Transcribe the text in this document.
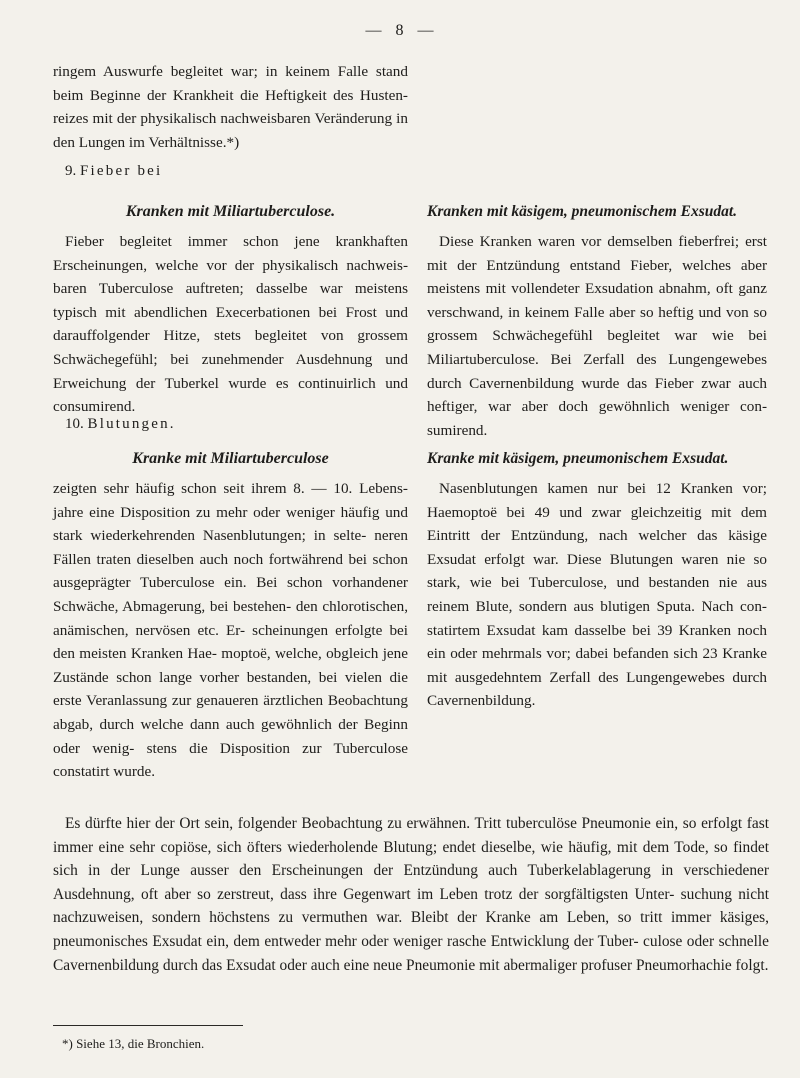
— 8 —

ringem Auswurfe begleitet war; in keinem Falle stand beim Beginne der Krankheit die Heftigkeit des Husten- reizes mit der physikalisch nachweisbaren Veränderung in den Lungen im Verhältnisse.*)

9. Fieber bei
Kranken mit Miliartuberculose.

Fieber begleitet immer schon jene krankhaften Erscheinungen, welche vor der physikalisch nachweis- baren Tuberculose auftreten; dasselbe war meistens typisch mit abendlichen Execerbationen bei Frost und darauffolgender Hitze, stets begleitet von grossem Schwächegefühl; bei zunehmender Ausdehnung und Erweichung der Tuberkel wurde es continuirlich und consumirend.

Kranken mit käsigem, pneumonischem Exsudat.

Diese Kranken waren vor demselben fieberfrei; erst mit der Entzündung entstand Fieber, welches aber meistens mit vollendeter Exsudation abnahm, oft ganz verschwand, in keinem Falle aber so heftig und von so grossem Schwächegefühl begleitet war wie bei Miliartuberculose. Bei Zerfall des Lungengewebes durch Cavernenbildung wurde das Fieber zwar auch heftiger, war aber doch gewöhnlich weniger con- sumirend.

10. Blutungen.
Kranke mit Miliartuberculose

zeigten sehr häufig schon seit ihrem 8. — 10. Lebens- jahre eine Disposition zu mehr oder weniger häufig und stark wiederkehrenden Nasenblutungen; in selte- neren Fällen traten dieselben auch noch fortwährend bei schon ausgeprägter Tuberculose ein. Bei schon vorhandener Schwäche, Abmagerung, bei bestehen- den chlorotischen, anämischen, nervösen etc. Er- scheinungen erfolgte bei den meisten Kranken Hae- moptoë, welche, obgleich jene Zustände schon lange vorher bestanden, bei vielen die erste Veranlassung zur genaueren ärztlichen Beobachtung abgab, durch welche dann auch gewöhnlich der Beginn oder wenig- stens die Disposition zur Tuberculose constatirt wurde.

Kranke mit käsigem, pneumonischem Exsudat.

Nasenblutungen kamen nur bei 12 Kranken vor; Haemoptoë bei 49 und zwar gleichzeitig mit dem Eintritt der Entzündung, nach welcher das käsige Exsudat erfolgt war. Diese Blutungen waren nie so stark, wie bei Tuberculose, und bestanden nie aus reinem Blute, sondern aus blutigen Sputa. Nach con- statirtem Exsudat kam dasselbe bei 39 Kranken noch ein oder mehrmals vor; dabei befanden sich 23 Kranke mit ausgedehntem Zerfall des Lungengewebes durch Cavernenbildung.

Es dürfte hier der Ort sein, folgender Beobachtung zu erwähnen. Tritt tuberculöse Pneumonie ein, so erfolgt fast immer eine sehr copiöse, sich öfters wiederholende Blutung; endet dieselbe, wie häufig, mit dem Tode, so findet sich in der Lunge ausser den Erscheinungen der Entzündung auch Tuberkelablagerung in verschiedener Ausdehnung, oft aber so zerstreut, dass ihre Gegenwart im Leben trotz der sorgfältigsten Unter- suchung nicht nachzuweisen, sondern höchstens zu vermuthen war. Bleibt der Kranke am Leben, so tritt immer käsiges, pneumonisches Exsudat ein, dem entweder mehr oder weniger rasche Entwicklung der Tuber- culose oder schnelle Cavernenbildung durch das Exsudat oder auch eine neue Pneumonie mit abermaliger profuser Pneumorhachie folgt.

*) Siehe 13, die Bronchien.
